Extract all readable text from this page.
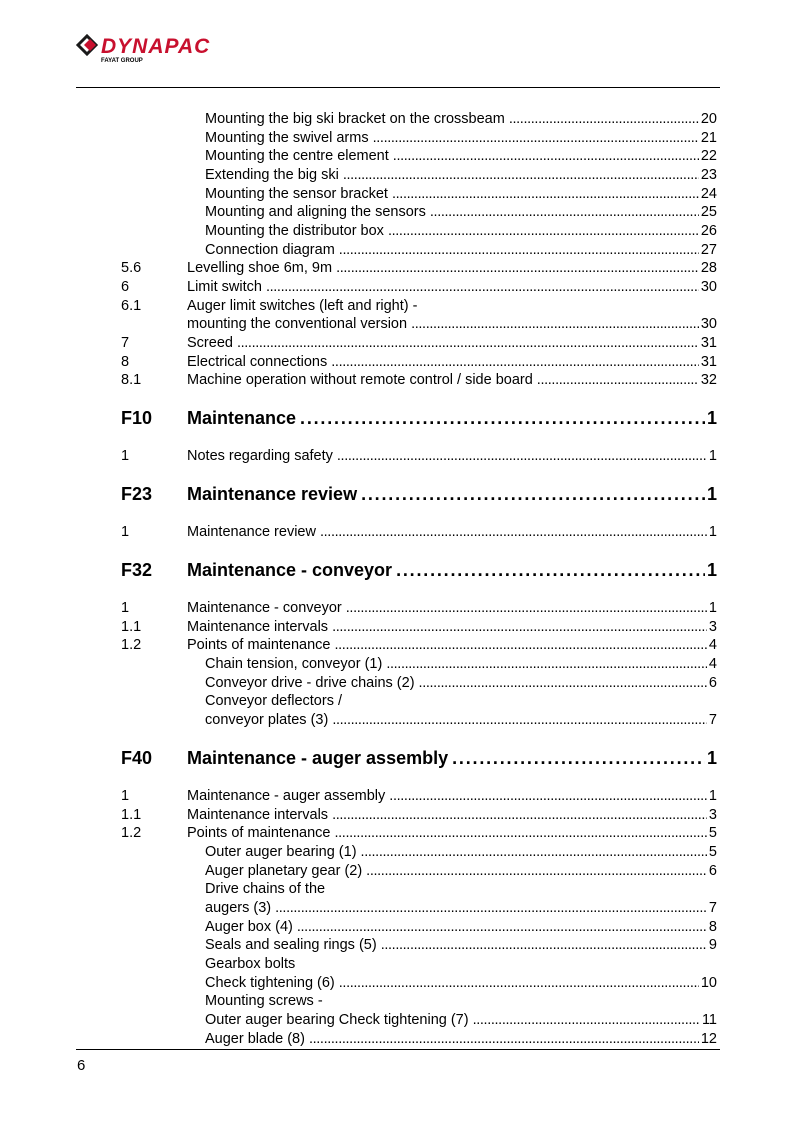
DYNAPAC
FAYAT GROUP
Mounting the big ski bracket on the crossbeam . . .	20
Mounting the swivel arms . . .	21
Mounting the centre element . . .	22
Extending the big ski . . .	23
Mounting the sensor bracket . . .	24
Mounting and aligning the sensors . . .	25
Mounting the distributor box . . .	26
Connection diagram . . .	27
5.6	Levelling shoe 6m, 9m . . .	28
6	Limit switch . . .	30
6.1	Auger limit switches (left and right) -
mounting the conventional version . . .	30
7	Screed . . .	31
8	Electrical connections . . .	31
8.1	Machine operation without remote control / side board . . .	32
F10 Maintenance . . .	1
1	Notes regarding safety . . .	1
F23 Maintenance review . . .	1
1	Maintenance review . . .	1
F32 Maintenance - conveyor . . .	1
1	Maintenance - conveyor . . .	1
1.1	Maintenance intervals . . .	3
1.2	Points of maintenance . . .	4
Chain tension, conveyor (1) . . .	4
Conveyor drive - drive chains (2) . . .	6
Conveyor deflectors /
conveyor plates (3) . . .	7
F40 Maintenance - auger assembly . . .	1
1	Maintenance - auger assembly . . .	1
1.1	Maintenance intervals . . .	3
1.2	Points of maintenance . . .	5
Outer auger bearing (1) . . .	5
Auger planetary gear (2) . . .	6
Drive chains of the
augers (3) . . .	7
Auger box (4) . . .	8
Seals and sealing rings (5) . . .	9
Gearbox bolts
Check tightening (6) . . .	10
Mounting screws -
Outer auger bearing Check tightening (7) . . .	11
Auger blade (8) . . .	12
6
